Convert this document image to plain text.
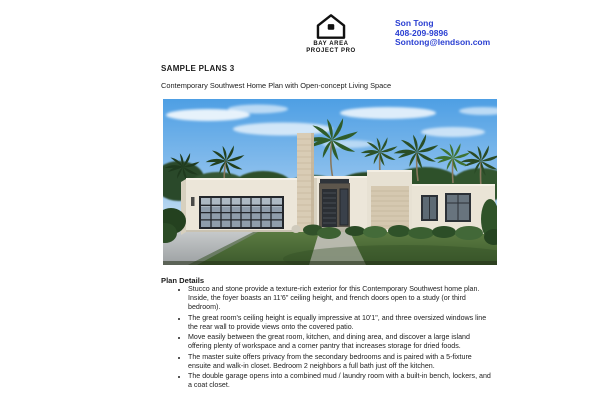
BAY AREA
PROJECT PRO
Son Tong
408-209-9896
Sontong@lendson.com
SAMPLE PLANS 3
Contemporary Southwest Home Plan with Open-concept Living Space
Plan Details
• Stucco and stone provide a texture-rich exterior for this Contemporary Southwest home plan. Inside, the foyer boasts an 11'6" ceiling height, and french doors open to a study (or third bedroom).
• The great room's ceiling height is equally impressive at 10'1", and three oversized windows line the rear wall to provide views onto the covered patio.
• Move easily between the great room, kitchen, and dining area, and discover a large island offering plenty of workspace and a corner pantry that increases storage for dried foods.
• The master suite offers privacy from the secondary bedrooms and is paired with a 5-fixture ensuite and walk-in closet. Bedroom 2 neighbors a full bath just off the kitchen.
• The double garage opens into a combined mud / laundry room with a built-in bench, lockers, and a coat closet.
